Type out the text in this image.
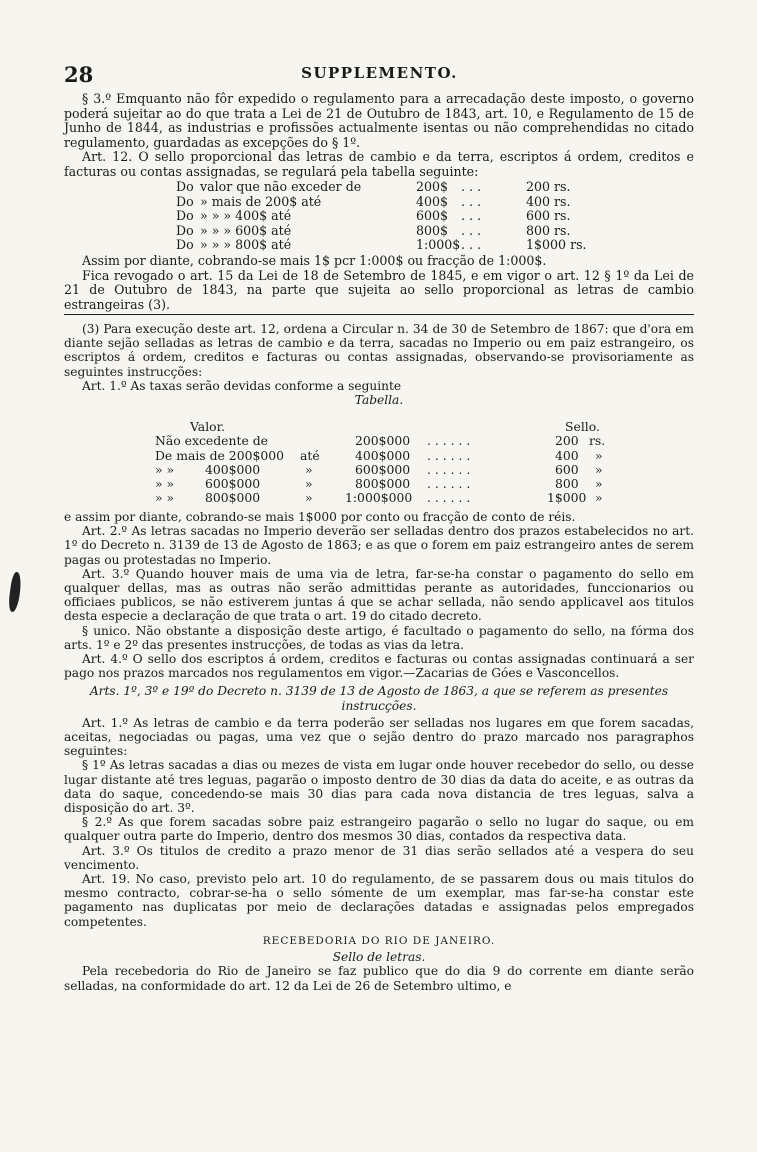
28	SUPPLEMENTO.

§ 3.º Emquanto não fôr expedido o regulamento para a arrecadação deste imposto, o governo poderá sujeitar ao do que trata a Lei de 21 de Outubro de 1843, art. 10, e Regulamento de 15 de Junho de 1844, as industrias e profissões actualmente isentas ou não comprehendidas no citado regulamento, guardadas as excepções do § 1º.

Art. 12. O sello proporcional das letras de cambio e da terra, escriptos á ordem, creditos e facturas ou contas assignadas, se regulará pela tabella seguinte:

Do valor que não exceder de	200$ . . .	200 rs.
Do » mais de 200$ até	400$ . . .	400 rs.
Do » » » 400$ até	600$ . . .	600 rs.
Do » » » 600$ até	800$ . . .	800 rs.
Do » » » 800$ até	1:000$ . . .	1$000 rs.

Assim por diante, cobrando-se mais 1$ pcr 1:000$ ou fracção de 1:000$.

Fica revogado o art. 15 da Lei de 18 de Setembro de 1845, e em vigor o art. 12 § 1º da Lei de 21 de Outubro de 1843, na parte que sujeita ao sello proporcional as letras de cambio estrangeiras (3).

(3) Para execução deste art. 12, ordena a Circular n. 34 de 30 de Setembro de 1867: que d'ora em diante sejão selladas as letras de cambio e da terra, sacadas no Imperio ou em paiz estrangeiro, os escriptos á ordem, creditos e facturas ou contas assignadas, observando-se provisoriamente as seguintes instrucções:

Art. 1.º As taxas serão devidas conforme a seguinte

Tabella.

Valor.	Sello.
Não excedente de	200$000 . . . . . .	200 rs.
De mais de 200$000 até	400$000 . . . . . .	400 »
» » 400$000	»	600$000 . . . . . .	600 »
» » 600$000	»	800$000 . . . . . .	800 »
» » 800$000	»	1:000$000 . . . . . .	1$000 »

e assim por diante, cobrando-se mais 1$000 por conto ou fracção de conto de réis.

Art. 2.º As letras sacadas no Imperio deverão ser selladas dentro dos prazos estabelecidos no art. 1º do Decreto n. 3139 de 13 de Agosto de 1863; e as que o forem em paiz estrangeiro antes de serem pagas ou protestadas no Imperio.

Art. 3.º Quando houver mais de uma via de letra, far-se-ha constar o pagamento do sello em qualquer dellas, mas as outras não serão admittidas perante as autoridades, funccionarios ou officiaes publicos, se não estiverem juntas á que se achar sellada, não sendo applicavel aos titulos desta especie a declaração de que trata o art. 19 do citado decreto.

§ unico. Não obstante a disposição deste artigo, é facultado o pagamento do sello, na fórma dos arts. 1º e 2º das presentes instrucções, de todas as vias da letra.

Art. 4.º O sello dos escriptos á ordem, creditos e facturas ou contas assignadas continuará a ser pago nos prazos marcados nos regulamentos em vigor.—Zacarias de Góes e Vasconcellos.

Arts. 1º, 3º e 19º do Decreto n. 3139 de 13 de Agosto de 1863, a que se referem as presentes instrucções.

Art. 1.º As letras de cambio e da terra poderão ser selladas nos lugares em que forem sacadas, aceitas, negociadas ou pagas, uma vez que o sejão dentro do prazo marcado nos paragraphos seguintes:

§ 1º As letras sacadas a dias ou mezes de vista em lugar onde houver recebedor do sello, ou desse lugar distante até tres leguas, pagarão o imposto dentro de 30 dias da data do aceite, e as outras da data do saque, concedendo-se mais 30 dias para cada nova distancia de tres leguas, salva a disposição do art. 3º.

§ 2.º As que forem sacadas sobre paiz estrangeiro pagarão o sello no lugar do saque, ou em qualquer outra parte do Imperio, dentro dos mesmos 30 dias, contados da respectiva data.

Art. 3.º Os titulos de credito a prazo menor de 31 dias serão sellados até a vespera do seu vencimento.

Art. 19. No caso, previsto pelo art. 10 do regulamento, de se passarem dous ou mais titulos do mesmo contracto, cobrar-se-ha o sello sómente de um exemplar, mas far-se-ha constar este pagamento nas duplicatas por meio de declarações datadas e assignadas pelos empregados competentes.

RECEBEDORIA DO RIO DE JANEIRO.

Sello de letras.

Pela recebedoria do Rio de Janeiro se faz publico que do dia 9 do corrente em diante serão selladas, na conformidade do art. 12 da Lei de 26 de Setembro ultimo, e
